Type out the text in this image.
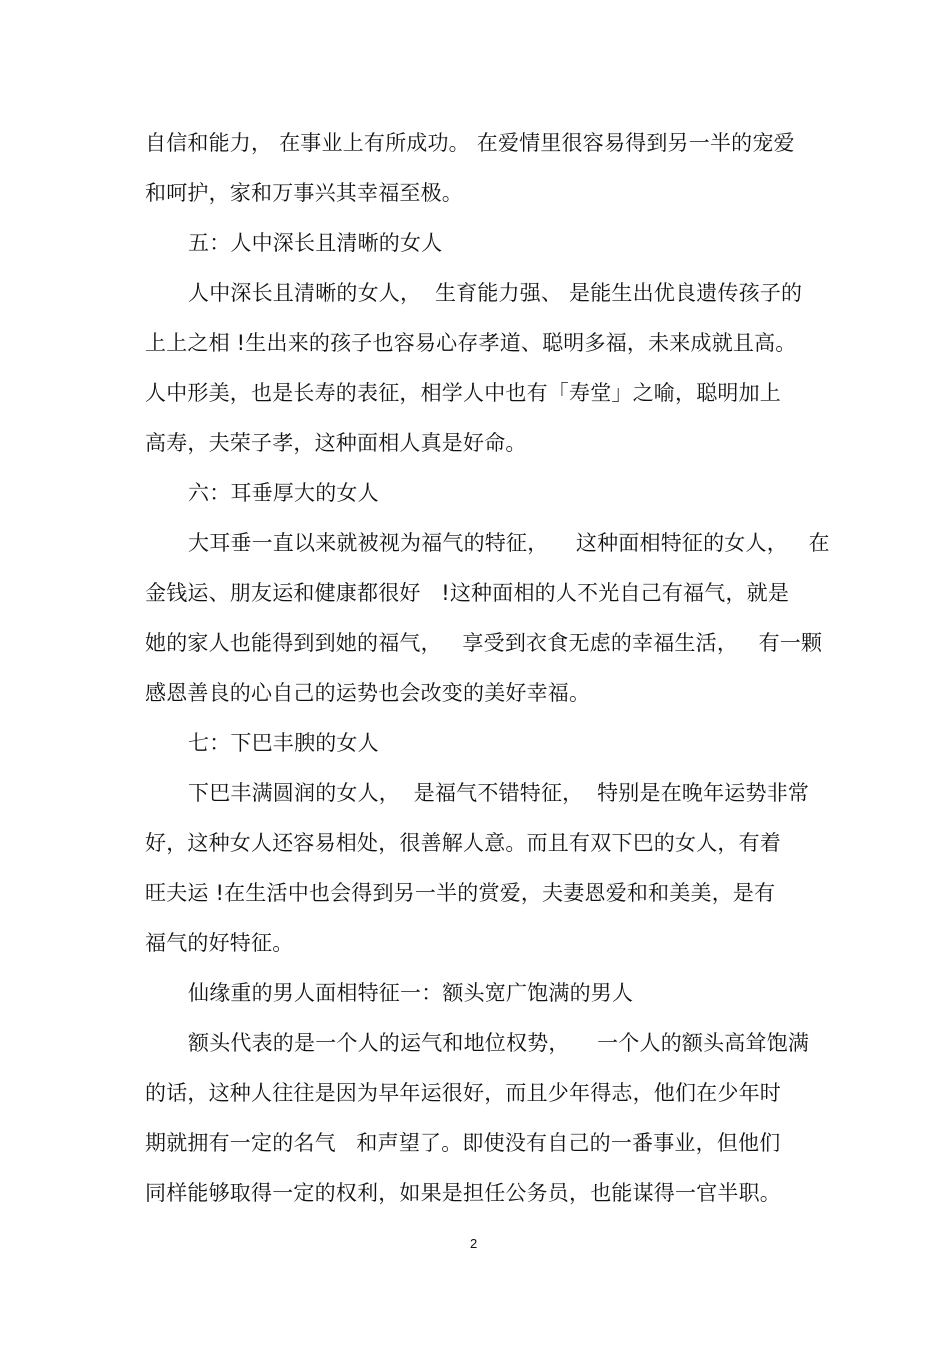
自信和能力， 在事业上有所成功。 在爱情里很容易得到另一半的宠爱
和呵护，家和万事兴其幸福至极。
五：人中深长且清晰的女人
人中深长且清晰的女人，  生育能力强、 是能生出优良遗传孩子的
上上之相 !生出来的孩子也容易心存孝道、聪明多福，未来成就且高。
人中形美，也是长寿的表征，相学人中也有「寿堂」之喻，聪明加上
高寿，夫荣子孝，这种面相人真是好命。
六：耳垂厚大的女人
大耳垂一直以来就被视为福气的特征，    这种面相特征的女人，   在
金钱运、朋友运和健康都很好   !这种面相的人不光自己有福气，就是
她的家人也能得到到她的福气，   享受到衣食无虑的幸福生活，   有一颗
感恩善良的心自己的运势也会改变的美好幸福。
七：下巴丰腴的女人
下巴丰满圆润的女人，  是福气不错特征，  特别是在晚年运势非常
好，这种女人还容易相处，很善解人意。而且有双下巴的女人，有着
旺夫运 !在生活中也会得到另一半的赏爱，夫妻恩爱和和美美，是有
福气的好特征。
仙缘重的男人面相特征一：额头宽广饱满的男人
额头代表的是一个人的运气和地位权势，    一个人的额头高耸饱满
的话，这种人往往是因为早年运很好，而且少年得志，他们在少年时
期就拥有一定的名气   和声望了。即使没有自己的一番事业，但他们
同样能够取得一定的权利，如果是担任公务员，也能谋得一官半职。
2
